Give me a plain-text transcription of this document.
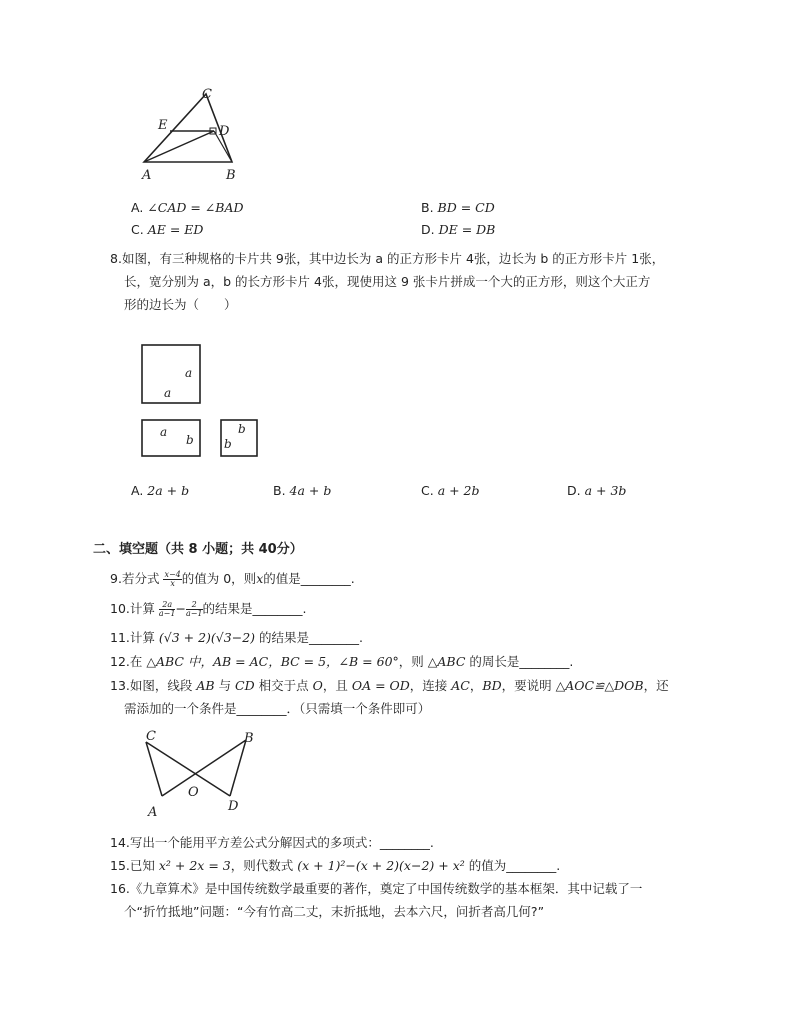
C
E	D
A	B
A. ∠CAD = ∠BAD	B. BD = CD
C. AE = ED	D. DE = DB
8.如图，有三种规格的卡片共 9张，其中边长为 a 的正方形卡片 4张，边长为 b 的正方形卡片 1张，
长，宽分别为 a，b 的长方形卡片 4张，现使用这 9 张卡片拼成一个大的正方形，则这个大正方
形的边长为（　　）
a
a
a
b
b
b
A. 2a + b	B. 4a + b	C. a + 2b	D. a + 3b
二、填空题（共 8 小题；共 40分）
9.若分式 $\frac{x-4}{x}$ 的值为 0，则x的值是________.
10.计算 $\frac{2a}{a-1} - \frac{2}{a-1}$ 的结果是________.
11.计算 (√3 + 2)(√3−2) 的结果是________.
12.在 △ABC 中，AB = AC，BC = 5，∠B = 60°，则 △ABC 的周长是________.
13.如图，线段 AB 与 CD 相交于点 O，且 OA = OD，连接 AC，BD，要说明 △AOC≌△DOB，还
需添加的一个条件是________．（只需填一个条件即可）
C	B
O
A	D
14.写出一个能用平方差公式分解因式的多项式：________.
15.已知 x² + 2x = 3，则代数式 (x + 1)²−(x + 2)(x−2) + x² 的值为________.
16.《九章算术》是中国传统数学最重要的著作，奠定了中国传统数学的基本框架．其中记载了一
个“折竹抵地”问题：“今有竹高二丈，末折抵地，去本六尺，问折者高几何?”
